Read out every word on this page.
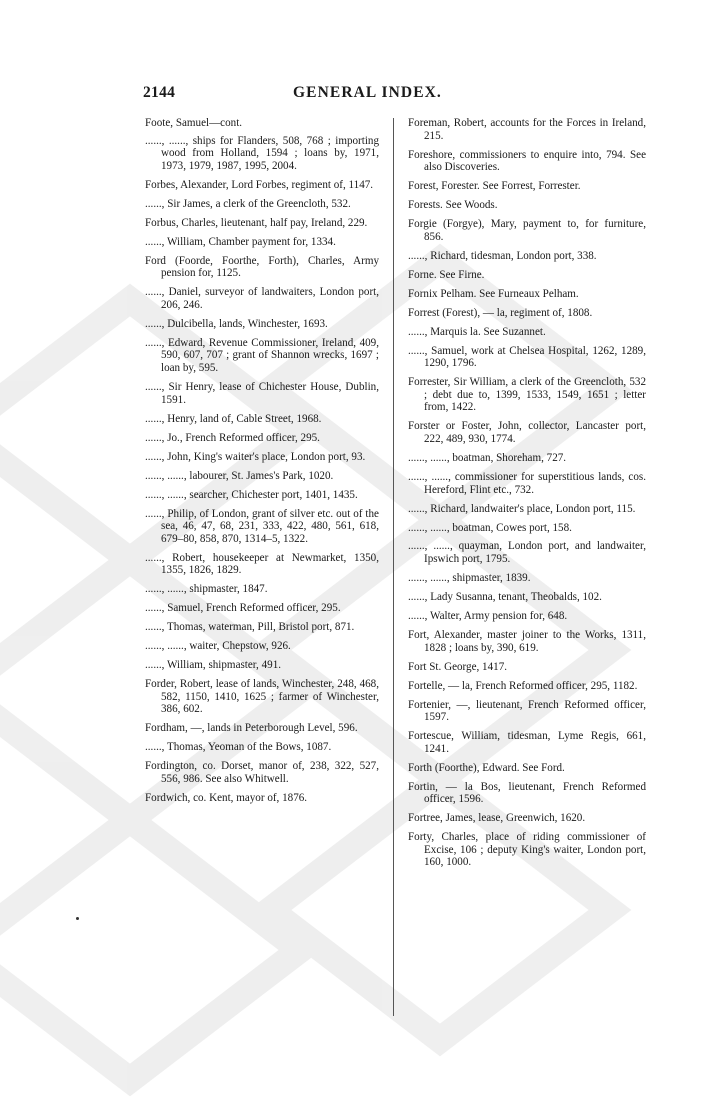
2144	GENERAL INDEX.

Foote, Samuel—cont.

......, ......, ships for Flanders, 508, 768 ; importing wood from Holland, 1594 ; loans by, 1971, 1973, 1979, 1987, 1995, 2004.

Forbes, Alexander, Lord Forbes, regiment of, 1147.

......, Sir James, a clerk of the Greencloth, 532.

Forbus, Charles, lieutenant, half pay, Ireland, 229.

......, William, Chamber payment for, 1334.

Ford (Foorde, Foorthe, Forth), Charles, Army pension for, 1125.

......, Daniel, surveyor of landwaiters, London port, 206, 246.

......, Dulcibella, lands, Winchester, 1693.

......, Edward, Revenue Commissioner, Ireland, 409, 590, 607, 707 ; grant of Shannon wrecks, 1697 ; loan by, 595.

......, Sir Henry, lease of Chichester House, Dublin, 1591.

......, Henry, land of, Cable Street, 1968.

......, Jo., French Reformed officer, 295.

......, John, King's waiter's place, London port, 93.

......, ......, labourer, St. James's Park, 1020.

......, ......, searcher, Chichester port, 1401, 1435.

......, Philip, of London, grant of silver etc. out of the sea, 46, 47, 68, 231, 333, 422, 480, 561, 618, 679–80, 858, 870, 1314–5, 1322.

......, Robert, housekeeper at Newmarket, 1350, 1355, 1826, 1829.

......, ......, shipmaster, 1847.

......, Samuel, French Reformed officer, 295.

......, Thomas, waterman, Pill, Bristol port, 871.

......, ......, waiter, Chepstow, 926.

......, William, shipmaster, 491.

Forder, Robert, lease of lands, Winchester, 248, 468, 582, 1150, 1410, 1625 ; farmer of Winchester, 386, 602.

Fordham, —, lands in Peterborough Level, 596.

......, Thomas, Yeoman of the Bows, 1087.

Fordington, co. Dorset, manor of, 238, 322, 527, 556, 986. See also Whitwell.

Fordwich, co. Kent, mayor of, 1876.

Foreman, Robert, accounts for the Forces in Ireland, 215.

Foreshore, commissioners to enquire into, 794. See also Discoveries.

Forest, Forester. See Forrest, Forrester.

Forests. See Woods.

Forgie (Forgye), Mary, payment to, for furniture, 856.

......, Richard, tidesman, London port, 338.

Forne. See Firne.

Fornix Pelham. See Furneaux Pelham.

Forrest (Forest), — la, regiment of, 1808.

......, Marquis la. See Suzannet.

......, Samuel, work at Chelsea Hospital, 1262, 1289, 1290, 1796.

Forrester, Sir William, a clerk of the Greencloth, 532 ; debt due to, 1399, 1533, 1549, 1651 ; letter from, 1422.

Forster or Foster, John, collector, Lancaster port, 222, 489, 930, 1774.

......, ......, boatman, Shoreham, 727.

......, ......, commissioner for superstitious lands, cos. Hereford, Flint etc., 732.

......, Richard, landwaiter's place, London port, 115.

......, ......, boatman, Cowes port, 158.

......, ......, quayman, London port, and landwaiter, Ipswich port, 1795.

......, ......, shipmaster, 1839.

......, Lady Susanna, tenant, Theobalds, 102.

......, Walter, Army pension for, 648.

Fort, Alexander, master joiner to the Works, 1311, 1828 ; loans by, 390, 619.

Fort St. George, 1417.

Fortelle, — la, French Reformed officer, 295, 1182.

Fortenier, —, lieutenant, French Reformed officer, 1597.

Fortescue, William, tidesman, Lyme Regis, 661, 1241.

Forth (Foorthe), Edward. See Ford.

Fortin, — la Bos, lieutenant, French Reformed officer, 1596.

Fortree, James, lease, Greenwich, 1620.

Forty, Charles, place of riding commissioner of Excise, 106 ; deputy King's waiter, London port, 160, 1000.
